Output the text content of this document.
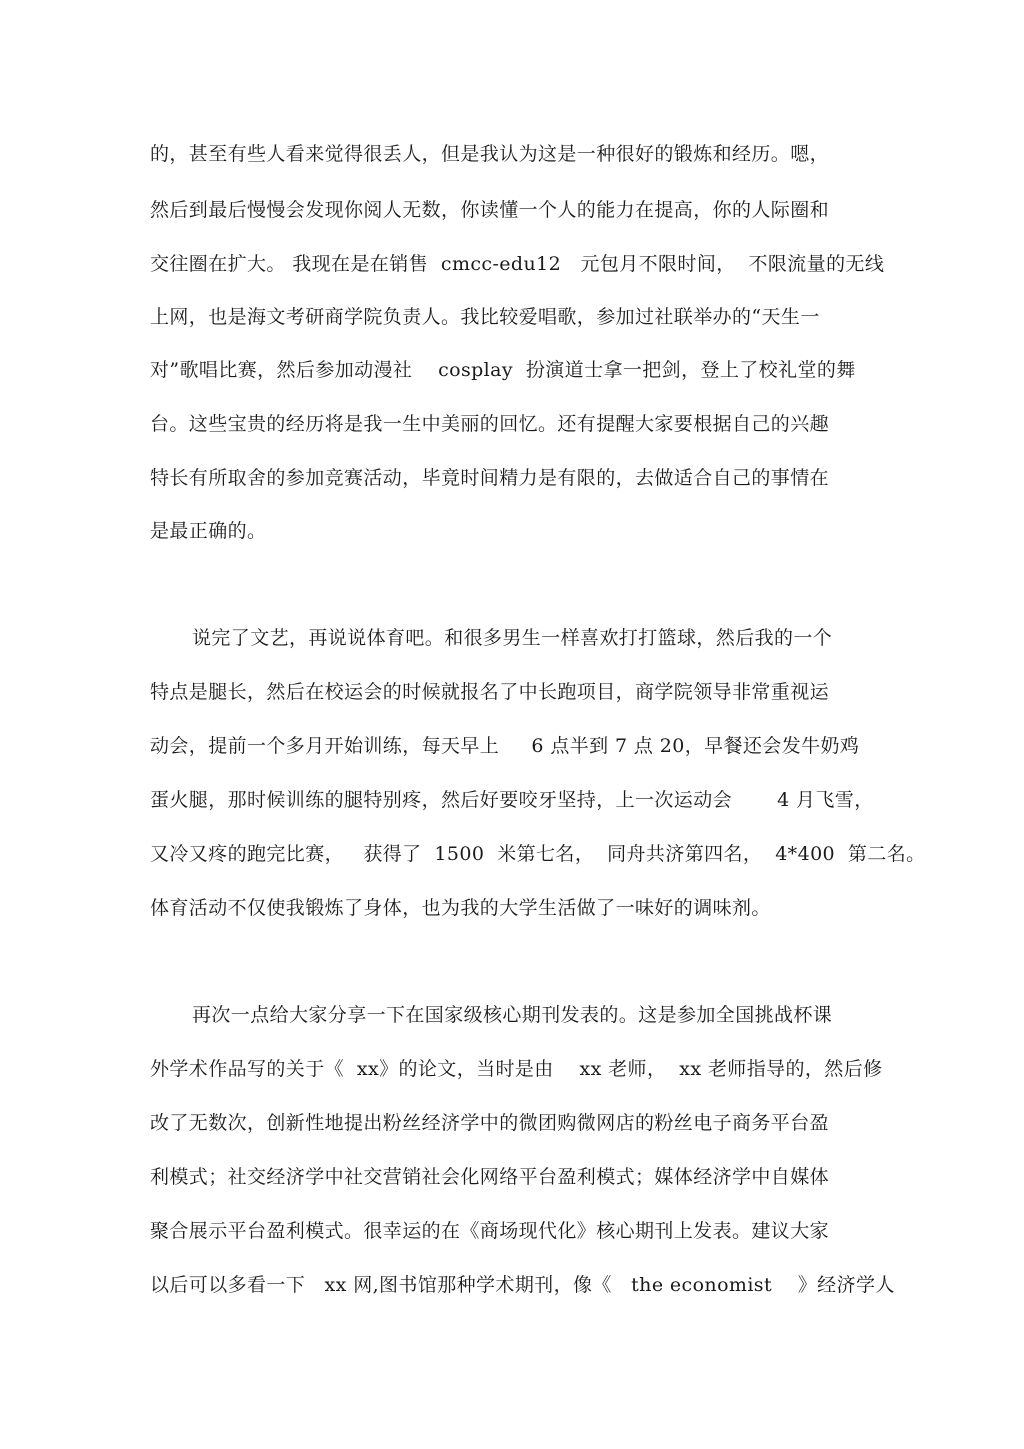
的，甚至有些人看来觉得很丢人，但是我认为这是一种很好的锻炼和经历。嗯，
然后到最后慢慢会发现你阅人无数，你读懂一个人的能力在提高，你的人际圈和
交往圈在扩大。 我现在是在销售  cmcc-edu12   元包月不限时间，  不限流量的无线
上网，也是海文考研商学院负责人。我比较爱唱歌，参加过社联举办的“天生一
对”歌唱比赛，然后参加动漫社    cosplay  扮演道士拿一把剑，登上了校礼堂的舞
台。这些宝贵的经历将是我一生中美丽的回忆。还有提醒大家要根据自己的兴趣
特长有所取舍的参加竞赛活动，毕竟时间精力是有限的，去做适合自己的事情在
是最正确的。
说完了文艺，再说说体育吧。和很多男生一样喜欢打打篮球，然后我的一个
特点是腿长，然后在校运会的时候就报名了中长跑项目，商学院领导非常重视运
动会，提前一个多月开始训练，每天早上     6 点半到 7 点 20，早餐还会发牛奶鸡
蛋火腿，那时候训练的腿特别疼，然后好要咬牙坚持，上一次运动会       4 月飞雪，
又冷又疼的跑完比赛，   获得了  1500  米第七名，  同舟共济第四名，  4*400  第二名。
体育活动不仅使我锻炼了身体，也为我的大学生活做了一味好的调味剂。
再次一点给大家分享一下在国家级核心期刊发表的。这是参加全国挑战杯课
外学术作品写的关于《  xx》的论文，当时是由    xx 老师，  xx 老师指导的，然后修
改了无数次，创新性地提出粉丝经济学中的微团购微网店的粉丝电子商务平台盈
利模式；社交经济学中社交营销社会化网络平台盈利模式；媒体经济学中自媒体
聚合展示平台盈利模式。很幸运的在《商场现代化》核心期刊上发表。建议大家
以后可以多看一下   xx 网,图书馆那种学术期刊，像《   the economist    》经济学人
